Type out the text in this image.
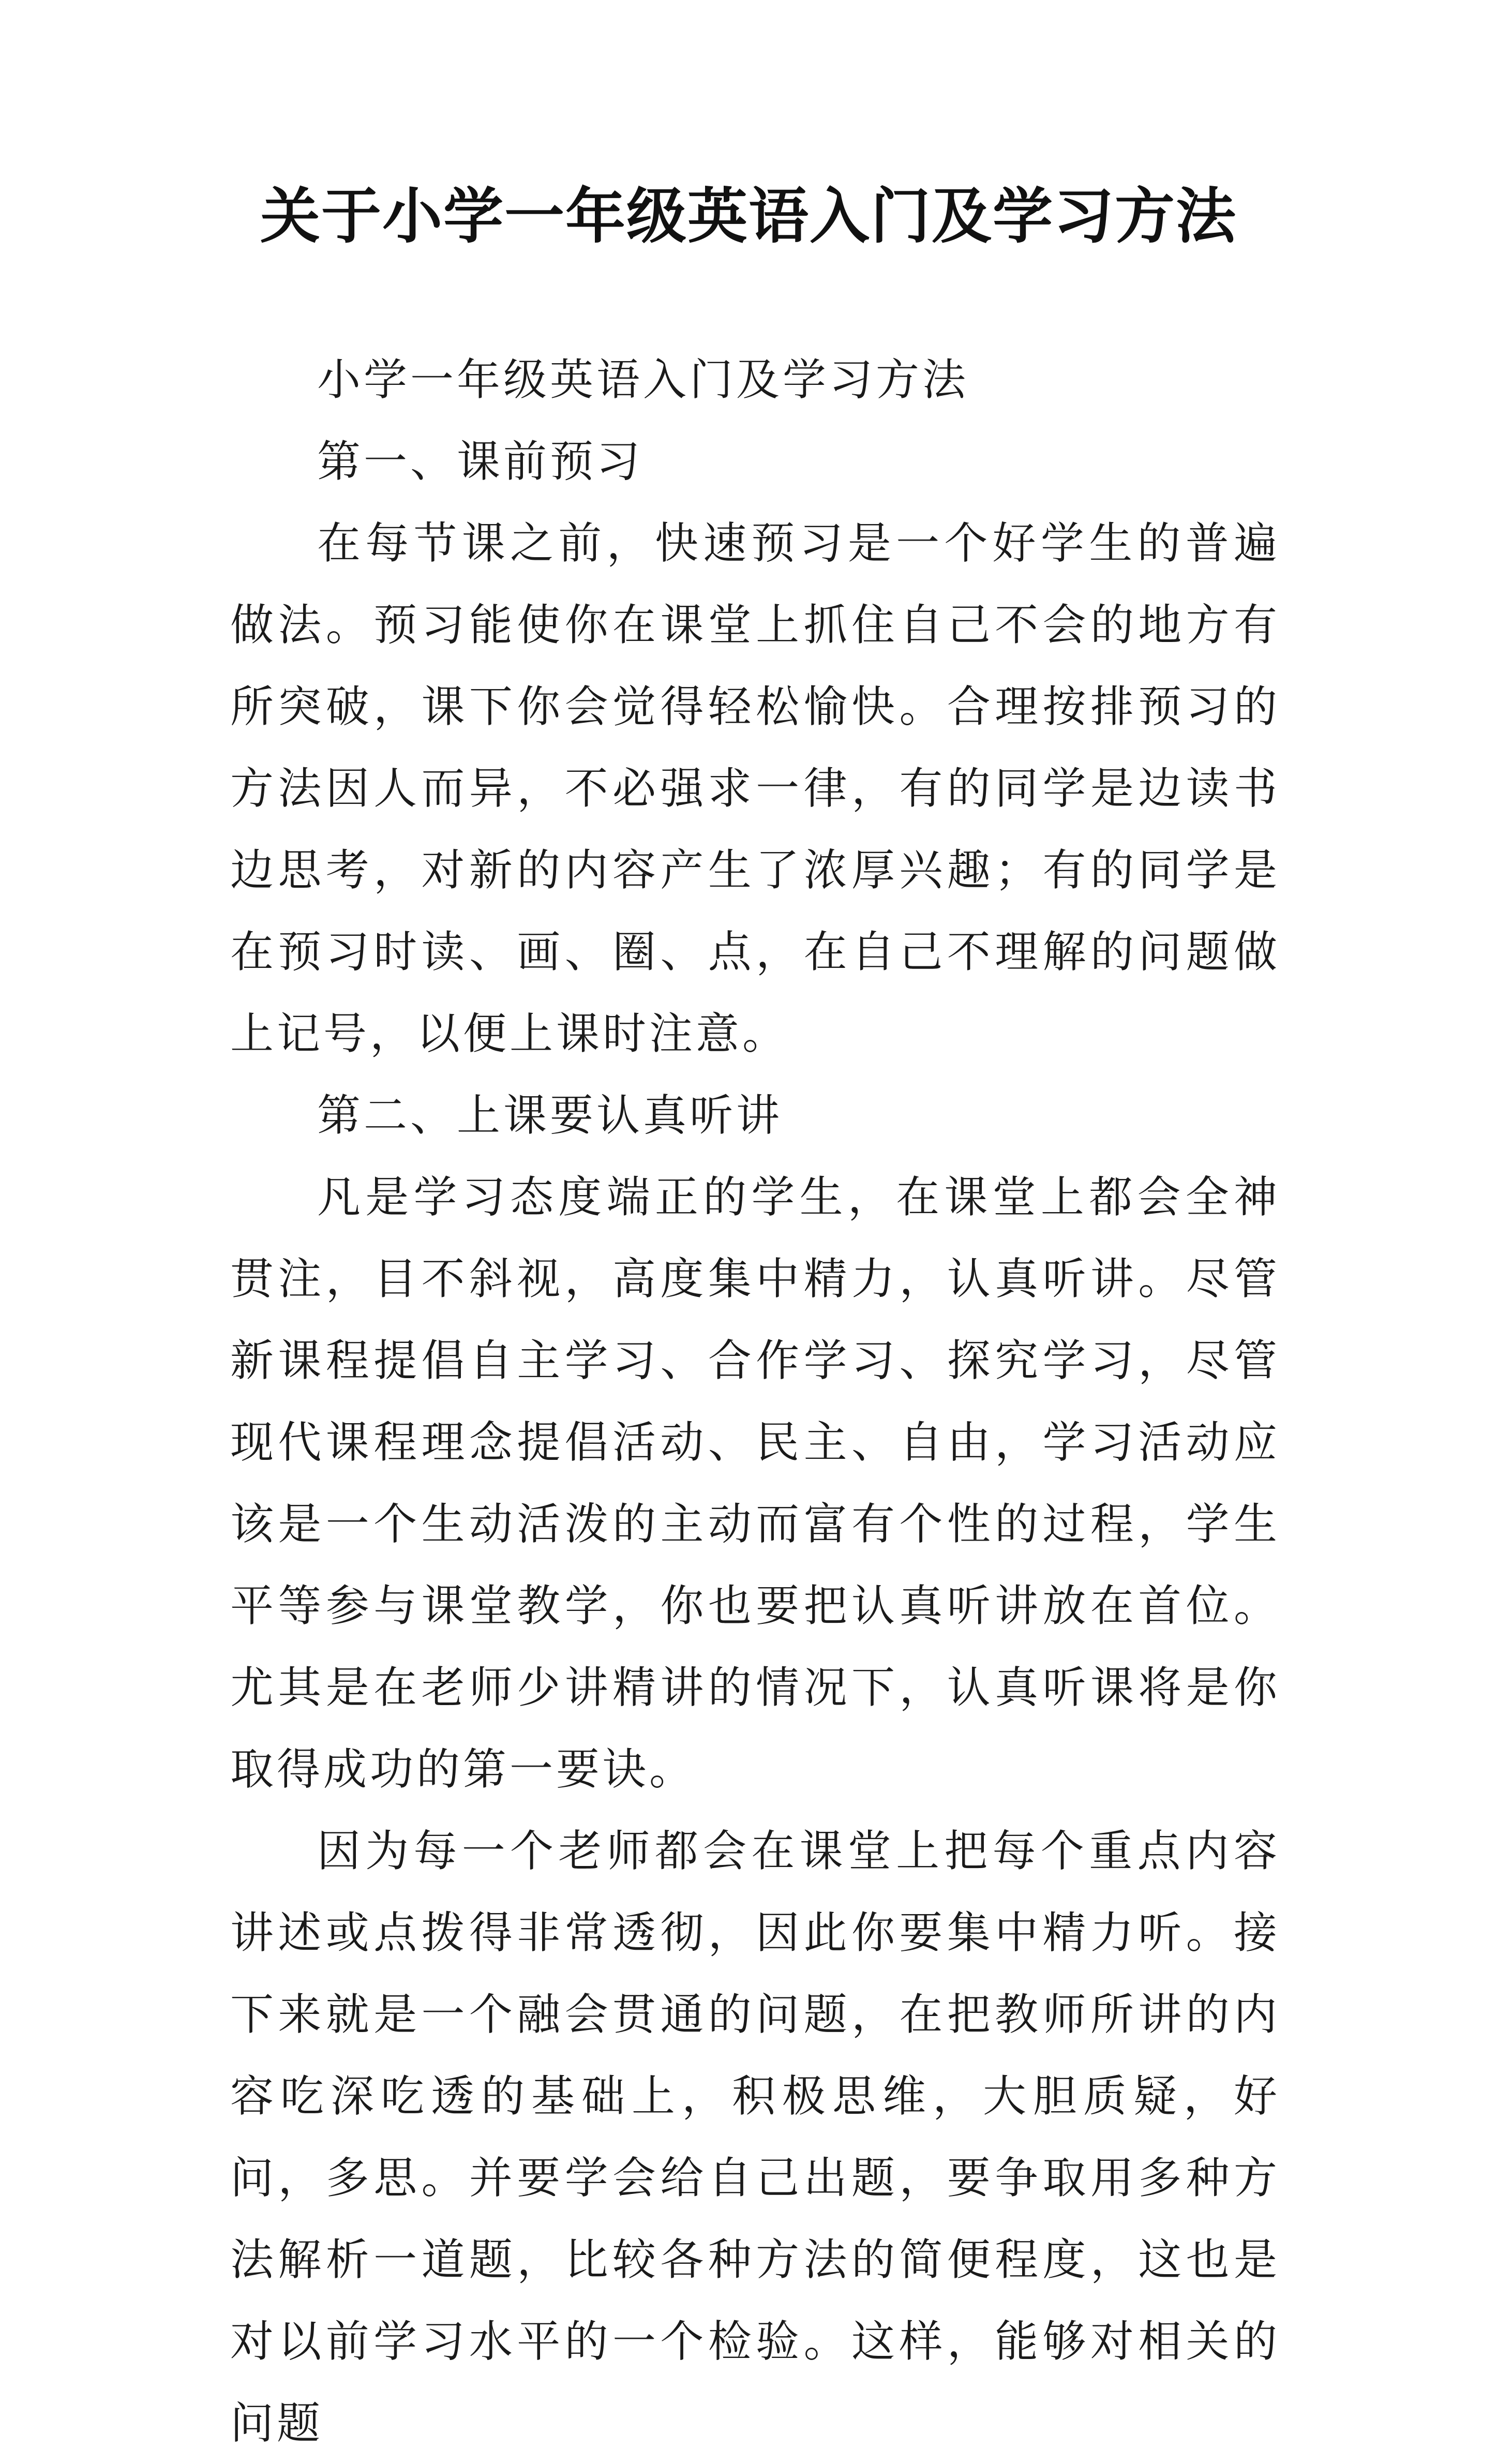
关于小学一年级英语入门及学习方法

小学一年级英语入门及学习方法

第一、课前预习

在每节课之前，快速预习是一个好学生的普遍做法。预习能使你在课堂上抓住自己不会的地方有所突破，课下你会觉得轻松愉快。合理按排预习的方法因人而异，不必强求一律，有的同学是边读书边思考，对新的内容产生了浓厚兴趣；有的同学是在预习时读、画、圈、点，在自己不理解的问题做上记号，以便上课时注意。

第二、上课要认真听讲

凡是学习态度端正的学生，在课堂上都会全神贯注，目不斜视，高度集中精力，认真听讲。尽管新课程提倡自主学习、合作学习、探究学习，尽管现代课程理念提倡活动、民主、自由，学习活动应该是一个生动活泼的主动而富有个性的过程，学生平等参与课堂教学，你也要把认真听讲放在首位。尤其是在老师少讲精讲的情况下，认真听课将是你取得成功的第一要诀。

因为每一个老师都会在课堂上把每个重点内容讲述或点拨得非常透彻，因此你要集中精力听。接下来就是一个融会贯通的问题，在把教师所讲的内容吃深吃透的基础上，积极思维，大胆质疑，好问，多思。并要学会给自己出题，要争取用多种方法解析一道题，比较各种方法的简便程度，这也是对以前学习水平的一个检验。这样，能够对相关的问题
